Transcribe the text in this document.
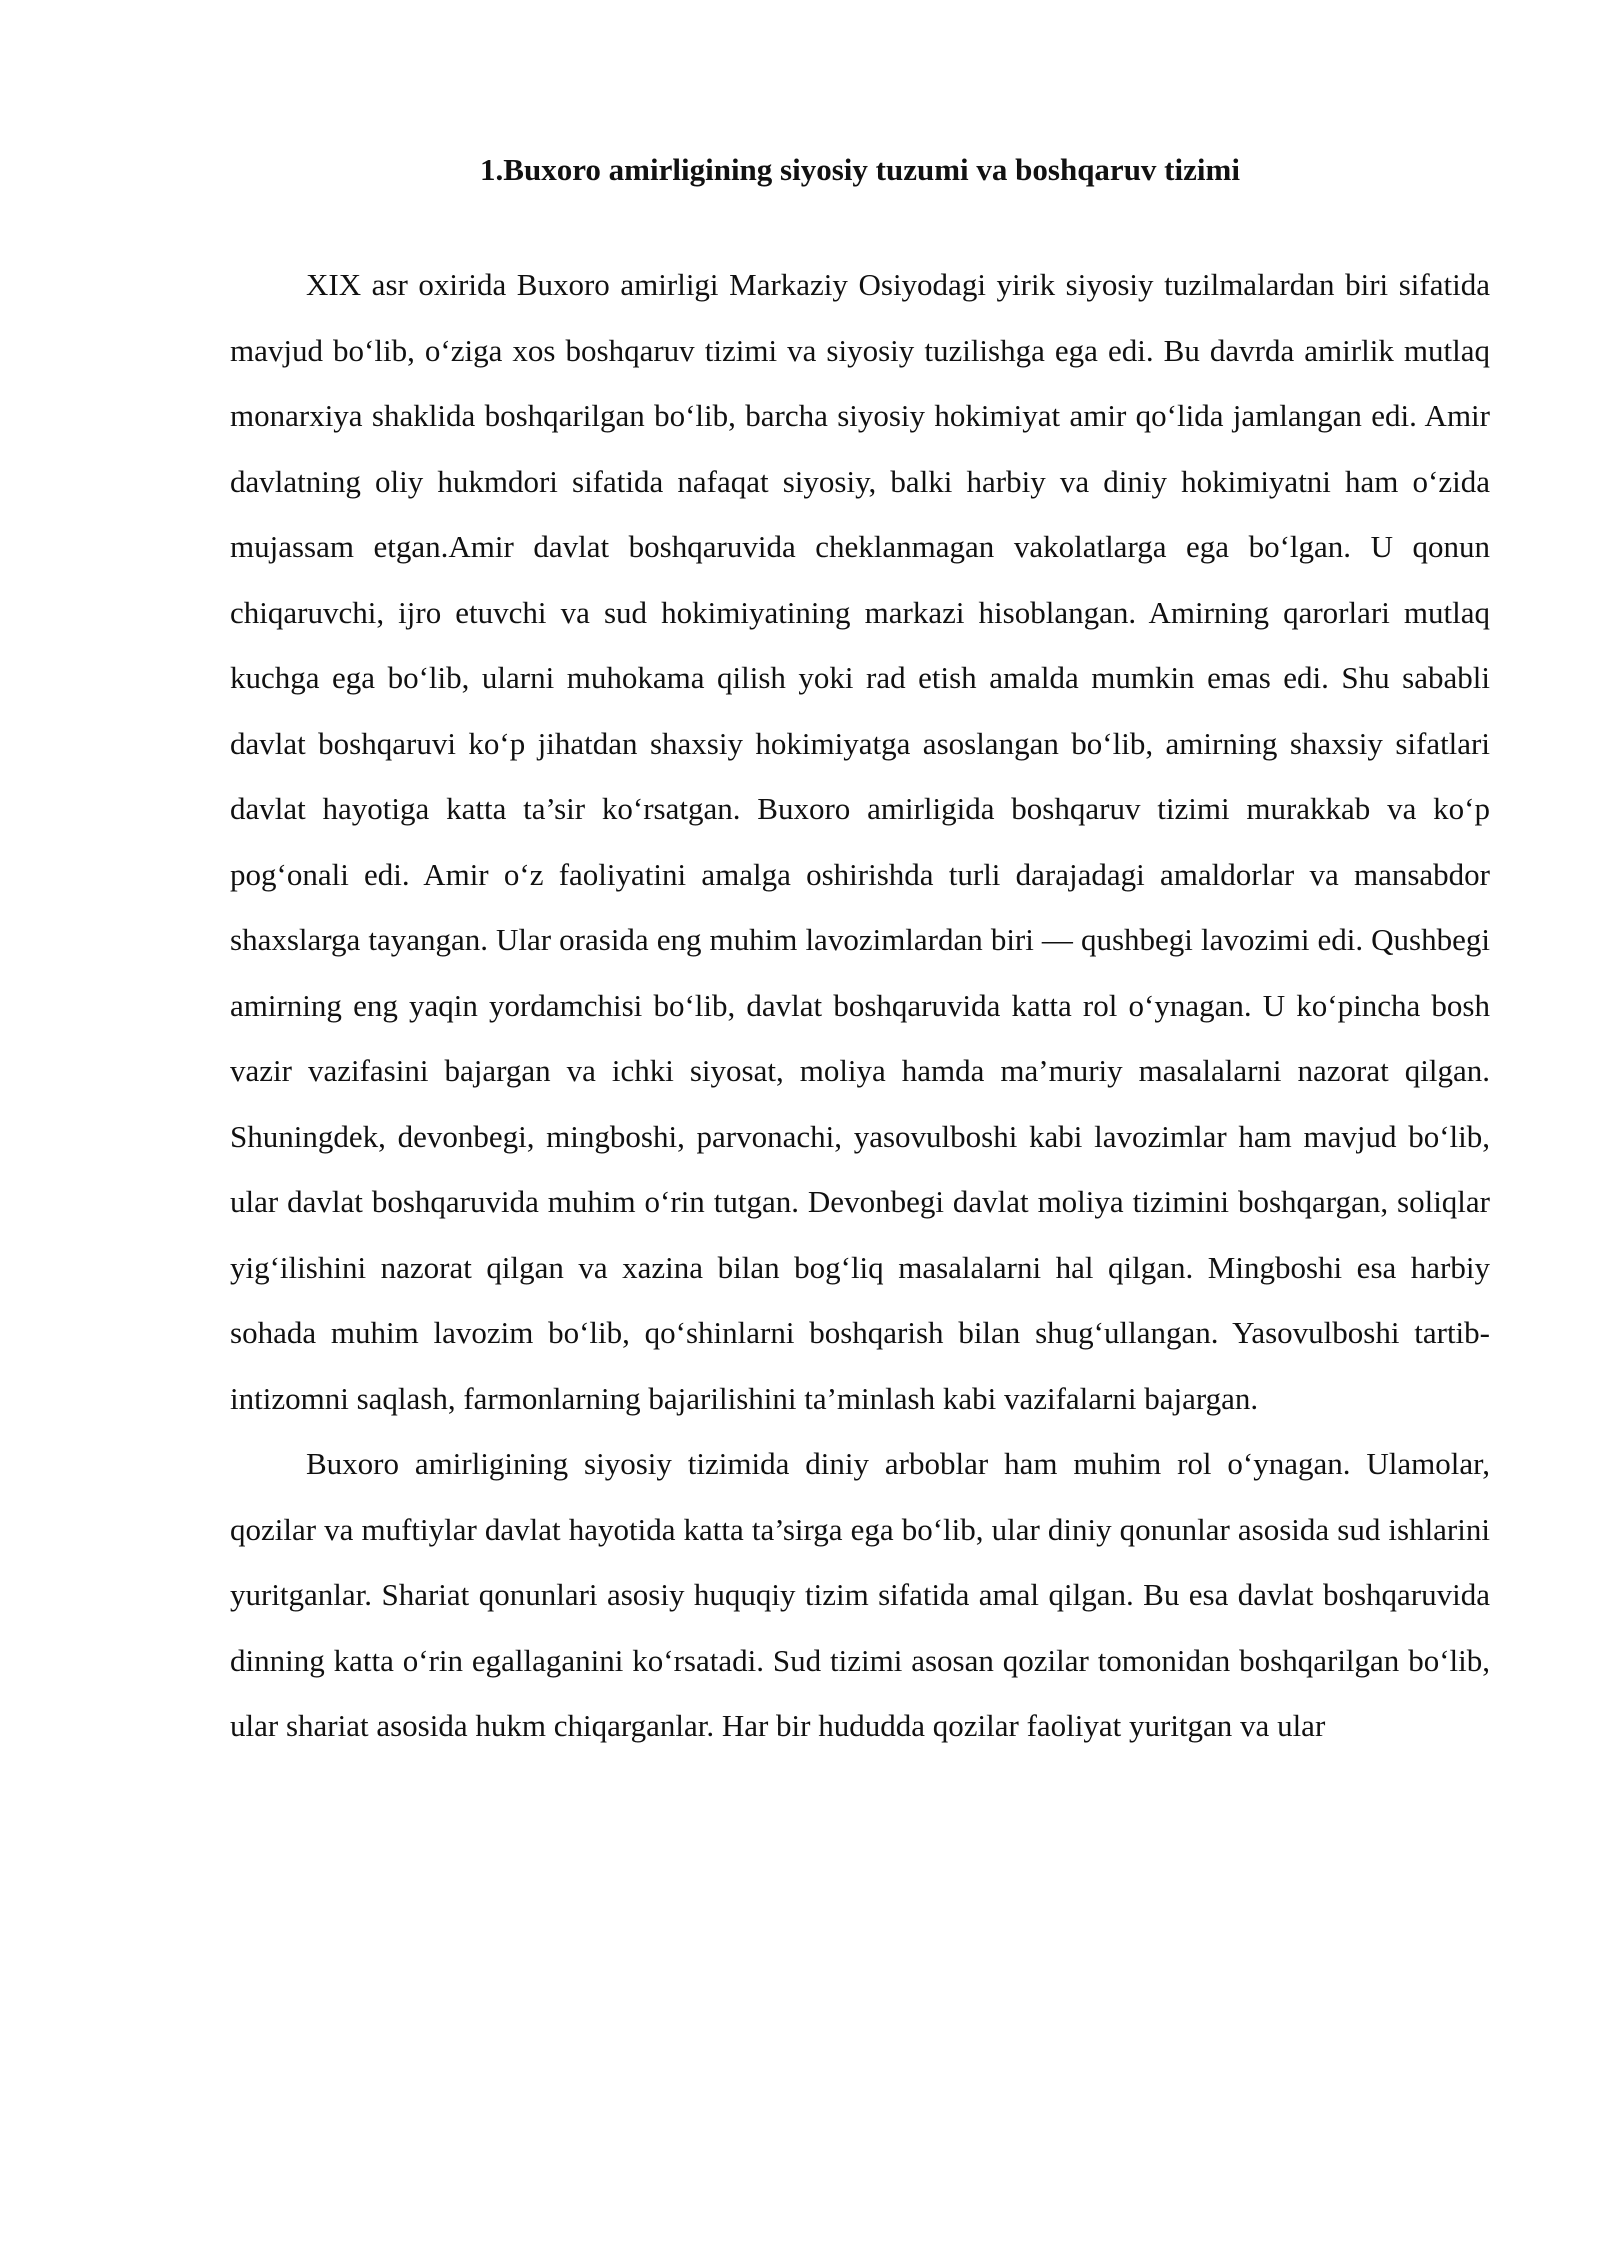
1.Buxoro amirligining siyosiy tuzumi va boshqaruv tizimi

XIX asr oxirida Buxoro amirligi Markaziy Osiyodagi yirik siyosiy tuzilmalardan biri sifatida mavjud bo‘lib, o‘ziga xos boshqaruv tizimi va siyosiy tuzilishga ega edi. Bu davrda amirlik mutlaq monarxiya shaklida boshqarilgan bo‘lib, barcha siyosiy hokimiyat amir qo‘lida jamlangan edi. Amir davlatning oliy hukmdori sifatida nafaqat siyosiy, balki harbiy va diniy hokimiyatni ham o‘zida mujassam etgan.Amir davlat boshqaruvida cheklanmagan vakolatlarga ega bo‘lgan. U qonun chiqaruvchi, ijro etuvchi va sud hokimiyatining markazi hisoblangan. Amirning qarorlari mutlaq kuchga ega bo‘lib, ularni muhokama qilish yoki rad etish amalda mumkin emas edi. Shu sababli davlat boshqaruvi ko‘p jihatdan shaxsiy hokimiyatga asoslangan bo‘lib, amirning shaxsiy sifatlari davlat hayotiga katta ta’sir ko‘rsatgan. Buxoro amirligida boshqaruv tizimi murakkab va ko‘p pog‘onali edi. Amir o‘z faoliyatini amalga oshirishda turli darajadagi amaldorlar va mansabdor shaxslarga tayangan. Ular orasida eng muhim lavozimlardan biri — qushbegi lavozimi edi. Qushbegi amirning eng yaqin yordamchisi bo‘lib, davlat boshqaruvida katta rol o‘ynagan. U ko‘pincha bosh vazir vazifasini bajargan va ichki siyosat, moliya hamda ma’muriy masalalarni nazorat qilgan. Shuningdek, devonbegi, mingboshi, parvonachi, yasovulboshi kabi lavozimlar ham mavjud bo‘lib, ular davlat boshqaruvida muhim o‘rin tutgan. Devonbegi davlat moliya tizimini boshqargan, soliqlar yig‘ilishini nazorat qilgan va xazina bilan bog‘liq masalalarni hal qilgan. Mingboshi esa harbiy sohada muhim lavozim bo‘lib, qo‘shinlarni boshqarish bilan shug‘ullangan. Yasovulboshi tartib-intizomni saqlash, farmonlarning bajarilishini ta’minlash kabi vazifalarni bajargan.

Buxoro amirligining siyosiy tizimida diniy arboblar ham muhim rol o‘ynagan. Ulamolar, qozilar va muftiylar davlat hayotida katta ta’sirga ega bo‘lib, ular diniy qonunlar asosida sud ishlarini yuritganlar. Shariat qonunlari asosiy huquqiy tizim sifatida amal qilgan. Bu esa davlat boshqaruvida dinning katta o‘rin egallaganini ko‘rsatadi. Sud tizimi asosan qozilar tomonidan boshqarilgan bo‘lib, ular shariat asosida hukm chiqarganlar. Har bir hududda qozilar faoliyat yuritgan va ular
